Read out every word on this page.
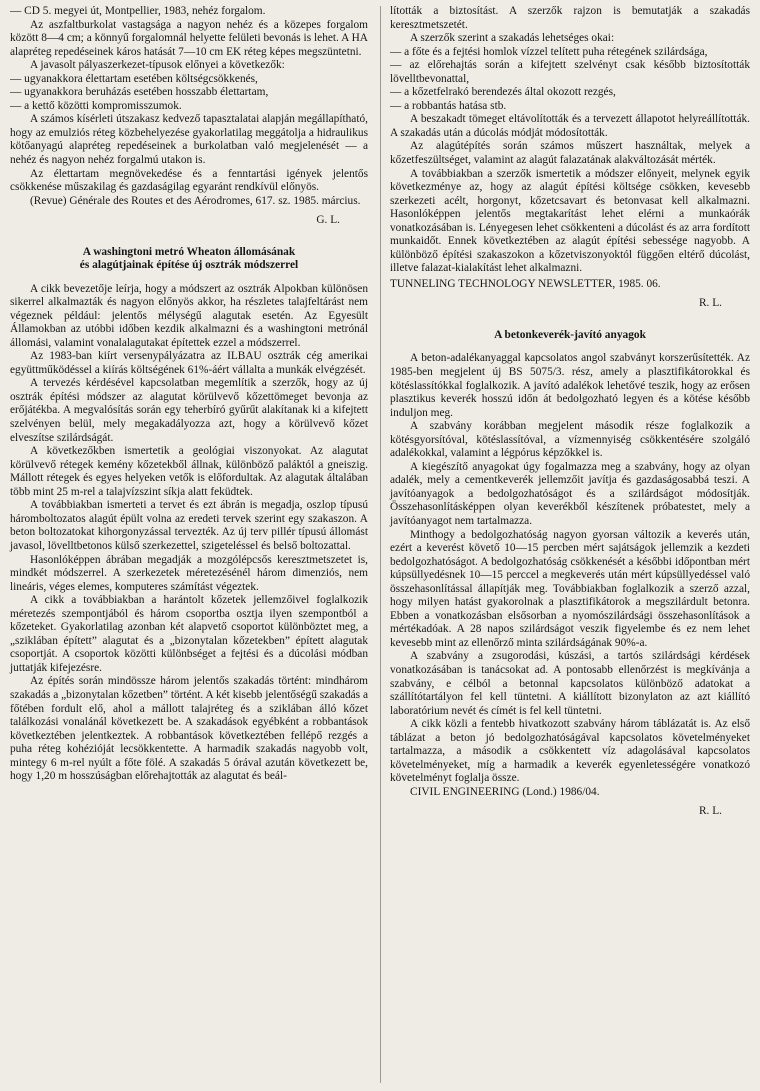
— CD 5. megyei út, Montpellier, 1983, nehéz forgalom.

Az aszfaltburkolat vastagsága a nagyon nehéz és a közepes forgalom között 8—4 cm; a könnyű forgalomnál helyette felületi bevonás is lehet. A HA alapréteg repedéseinek káros hatását 7—10 cm EK réteg képes megszüntetni.

A javasolt pályaszerkezet-típusok előnyei a következők:

— ugyanakkora élettartam esetében költségcsökkenés,

— ugyanakkora beruházás esetében hosszabb élettartam,

— a kettő közötti kompromisszumok.

A számos kísérleti útszakasz kedvező tapasztalatai alapján megállapítható, hogy az emulziós réteg közbehelyezése gyakorlatilag meggátolja a hidraulikus kötőanyagú alapréteg repedéseinek a burkolatban való megjelenését — a nehéz és nagyon nehéz forgalmú utakon is.

Az élettartam megnövekedése és a fenntartási igények jelentős csökkenése műszakilag és gazdaságilag egyaránt rendkívül előnyös.

(Revue) Générale des Routes et des Aérodromes, 617. sz. 1985. március.

G. L.

A washingtoni metró Wheaton állomásának
és alagútjainak építése új osztrák módszerrel

A cikk bevezetője leírja, hogy a módszert az osztrák Alpokban különösen sikerrel alkalmazták és nagyon előnyös akkor, ha részletes talajfeltárást nem végeznek például: jelentős mélységű alagutak esetén. Az Egyesült Államokban az utóbbi időben kezdik alkalmazni és a washingtoni metrónál állomási, valamint vonalalagutakat építettek ezzel a módszerrel.

Az 1983-ban kiírt versenypályázatra az ILBAU osztrák cég amerikai együttműködéssel a kiírás költségének 61%-áért vállalta a munkák elvégzését.

A tervezés kérdésével kapcsolatban megemlítik a szerzők, hogy az új osztrák építési módszer az alagutat körülvevő kőzettömeget bevonja az erőjátékba. A megvalósítás során egy teherbíró gyűrűt alakítanak ki a kifejtett szelvényen belül, mely megakadályozza azt, hogy a körülvevő kőzet elveszítse szilárdságát.

A következőkben ismertetik a geológiai viszonyokat. Az alagutat körülvevő rétegek kemény kőzetekből állnak, különböző paláktól a gneiszig. Mállott rétegek és egyes helyeken vetők is előfordultak. Az alagutak általában több mint 25 m-rel a talajvízszint síkja alatt feküdtek.

A továbbiakban ismerteti a tervet és ezt ábrán is megadja, oszlop típusú háromboltozatos alagút épült volna az eredeti tervek szerint egy szakaszon. A beton boltozatokat kihorgonyzással tervezték. Az új terv pillér típusú állomást javasol, lövelltbetonos külső szerkezettel, szigeteléssel és belső boltozattal.

Hasonlóképpen ábrában megadják a mozgólépcsős keresztmetszetet is, mindkét módszerrel. A szerkezetek méretezésénél három dimenziós, nem lineáris, véges elemes, komputeres számítást végeztek.

A cikk a továbbiakban a harántolt kőzetek jellemzőivel foglalkozik méretezés szempontjából és három csoportba osztja ilyen szempontból a kőzeteket. Gyakorlatilag azonban két alapvető csoportot különböztet meg, a „sziklában épített” alagutat és a „bizonytalan kőzetekben” épített alagutak csoportját. A csoportok közötti különbséget a fejtési és a dúcolási módban juttatják kifejezésre.

Az építés során mindössze három jelentős szakadás történt: mindhárom szakadás a „bizonytalan kőzetben” történt. A két kisebb jelentőségű szakadás a főtében fordult elő, ahol a mállott talajréteg és a sziklában álló kőzet találkozási vonalánál következett be. A szakadások egyébként a robbantások következtében jelentkeztek. A robbantások következtében fellépő rezgés a puha réteg kohézióját lecsökkentette. A harmadik szakadás nagyobb volt, mintegy 6 m-rel nyúlt a főte fölé. A szakadás 5 órával azután következett be, hogy 1,20 m hosszúságban előrehajtották az alagutat és beál-

lították a biztosítást. A szerzők rajzon is bemutatják a szakadás keresztmetszetét.

A szerzők szerint a szakadás lehetséges okai:

— a főte és a fejtési homlok vízzel telített puha rétegének szilárdsága,

— az előrehajtás során a kifejtett szelvényt csak később biztosították lövelltbevonattal,

— a kőzetfelrakó berendezés által okozott rezgés,

— a robbantás hatása stb.

A beszakadt tömeget eltávolították és a tervezett állapotot helyreállították. A szakadás után a dúcolás módját módosították.

Az alagútépítés során számos műszert használtak, melyek a kőzetfeszültséget, valamint az alagút falazatának alakváltozását mérték.

A továbbiakban a szerzők ismertetik a módszer előnyeit, melynek egyik következménye az, hogy az alagút építési költsége csökken, kevesebb szerkezeti acélt, horgonyt, kőzetcsavart és betonvasat kell alkalmazni. Hasonlóképpen jelentős megtakarítást lehet elérni a munkaórák vonatkozásában is. Lényegesen lehet csökkenteni a dúcolást és az arra fordított munkaidőt. Ennek következtében az alagút építési sebessége nagyobb. A különböző építési szakaszokon a kőzetviszonyoktól függően eltérő dúcolást, illetve falazat-kialakítást lehet alkalmazni.

TUNNELING TECHNOLOGY NEWSLETTER, 1985. 06.

R. L.

A betonkeverék-javító anyagok

A beton-adalékanyaggal kapcsolatos angol szabványt korszerűsítették. Az 1985-ben megjelent új BS 5075/3. rész, amely a plasztifikátorokkal és kötéslassítókkal foglalkozik. A javító adalékok lehetővé teszik, hogy az erősen plasztikus keverék hosszú időn át bedolgozható legyen és a kötése később induljon meg.

A szabvány korábban megjelent második része foglalkozik a kötésgyorsítóval, kötéslassítóval, a vízmennyiség csökkentésére szolgáló adalékokkal, valamint a légpórus képzőkkel is.

A kiegészítő anyagokat úgy fogalmazza meg a szabvány, hogy az olyan adalék, mely a cementkeverék jellemzőit javítja és gazdaságosabbá teszi. A javítóanyagok a bedolgozhatóságot és a szilárdságot módosítják. Összehasonlításképpen olyan keverékből készítenek próbatestet, mely a javítóanyagot nem tartalmazza.

Minthogy a bedolgozhatóság nagyon gyorsan változik a keverés után, ezért a keverést követő 10—15 percben mért sajátságok jellemzik a kezdeti bedolgozhatóságot. A bedolgozhatóság csökkenését a későbbi időpontban mért kúpsüllyedésnek 10—15 perccel a megkeverés után mért kúpsüllyedéssel való összehasonlítással állapítják meg. Továbbiakban foglalkozik a szerző azzal, hogy milyen hatást gyakorolnak a plasztifikátorok a megszilárdult betonra. Ebben a vonatkozásban elsősorban a nyomószilárdsági összehasonlítások a mértékadóak. A 28 napos szilárdságot veszik figyelembe és ez nem lehet kevesebb mint az ellenőrző minta szilárdságának 90%-a.

A szabvány a zsugorodási, kúszási, a tartós szilárdsági kérdések vonatkozásában is tanácsokat ad. A pontosabb ellenőrzést is megkívánja a szabvány, e célból a betonnal kapcsolatos különböző adatokat a szállítótartályon fel kell tüntetni. A kiállított bizonylaton az azt kiállító laboratórium nevét és címét is fel kell tüntetni.

A cikk közli a fentebb hivatkozott szabvány három táblázatát is. Az első táblázat a beton jó bedolgozhatóságával kapcsolatos követelményeket tartalmazza, a második a csökkentett víz adagolásával kapcsolatos követelményeket, míg a harmadik a keverék egyenletességére vonatkozó követelményt foglalja össze.

CIVIL ENGINEERING (Lond.) 1986/04.

R. L.
